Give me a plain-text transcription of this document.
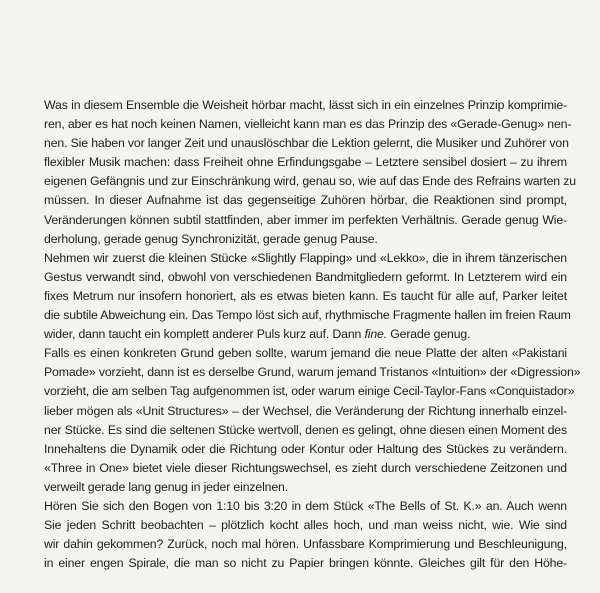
Was in diesem Ensemble die Weisheit hörbar macht, lässt sich in ein einzelnes Prinzip komprimie-
ren, aber es hat noch keinen Namen, vielleicht kann man es das Prinzip des «Gerade-Genug» nen-
nen. Sie haben vor langer Zeit und unauslöschbar die Lektion gelernt, die Musiker und Zuhörer von
flexibler Musik machen: dass Freiheit ohne Erfindungsgabe – Letztere sensibel dosiert – zu ihrem
eigenen Gefängnis und zur Einschränkung wird, genau so, wie auf das Ende des Refrains warten zu
müssen. In dieser Aufnahme ist das gegenseitige Zuhören hörbar, die Reaktionen sind prompt,
Veränderungen können subtil stattfinden, aber immer im perfekten Verhältnis. Gerade genug Wie-
derholung, gerade genug Synchronizität, gerade genug Pause.
Nehmen wir zuerst die kleinen Stücke «Slightly Flapping» und «Lekko», die in ihrem tänzerischen
Gestus verwandt sind, obwohl von verschiedenen Bandmitgliedern geformt. In Letzterem wird ein
fixes Metrum nur insofern honoriert, als es etwas bieten kann. Es taucht für alle auf, Parker leitet
die subtile Abweichung ein. Das Tempo löst sich auf, rhythmische Fragmente hallen im freien Raum
wider, dann taucht ein komplett anderer Puls kurz auf. Dann fine. Gerade genug.
Falls es einen konkreten Grund geben sollte, warum jemand die neue Platte der alten «Pakistani
Pomade» vorzieht, dann ist es derselbe Grund, warum jemand Tristanos «Intuition» der «Digression»
vorzieht, die am selben Tag aufgenommen ist, oder warum einige Cecil-Taylor-Fans «Conquistador»
lieber mögen als «Unit Structures» – der Wechsel, die Veränderung der Richtung innerhalb einzel-
ner Stücke. Es sind die seltenen Stücke wertvoll, denen es gelingt, ohne diesen einen Moment des
Innehaltens die Dynamik oder die Richtung oder Kontur oder Haltung des Stückes zu verändern.
«Three in One» bietet viele dieser Richtungswechsel, es zieht durch verschiedene Zeitzonen und
verweilt gerade lang genug in jeder einzelnen.
Hören Sie sich den Bogen von 1:10 bis 3:20 in dem Stück «The Bells of St. K.» an. Auch wenn
Sie jeden Schritt beobachten – plötzlich kocht alles hoch, und man weiss nicht, wie. Wie sind
wir dahin gekommen? Zurück, noch mal hören. Unfassbare Komprimierung und Beschleunigung,
in einer engen Spirale, die man so nicht zu Papier bringen könnte. Gleiches gilt für den Höhe-
